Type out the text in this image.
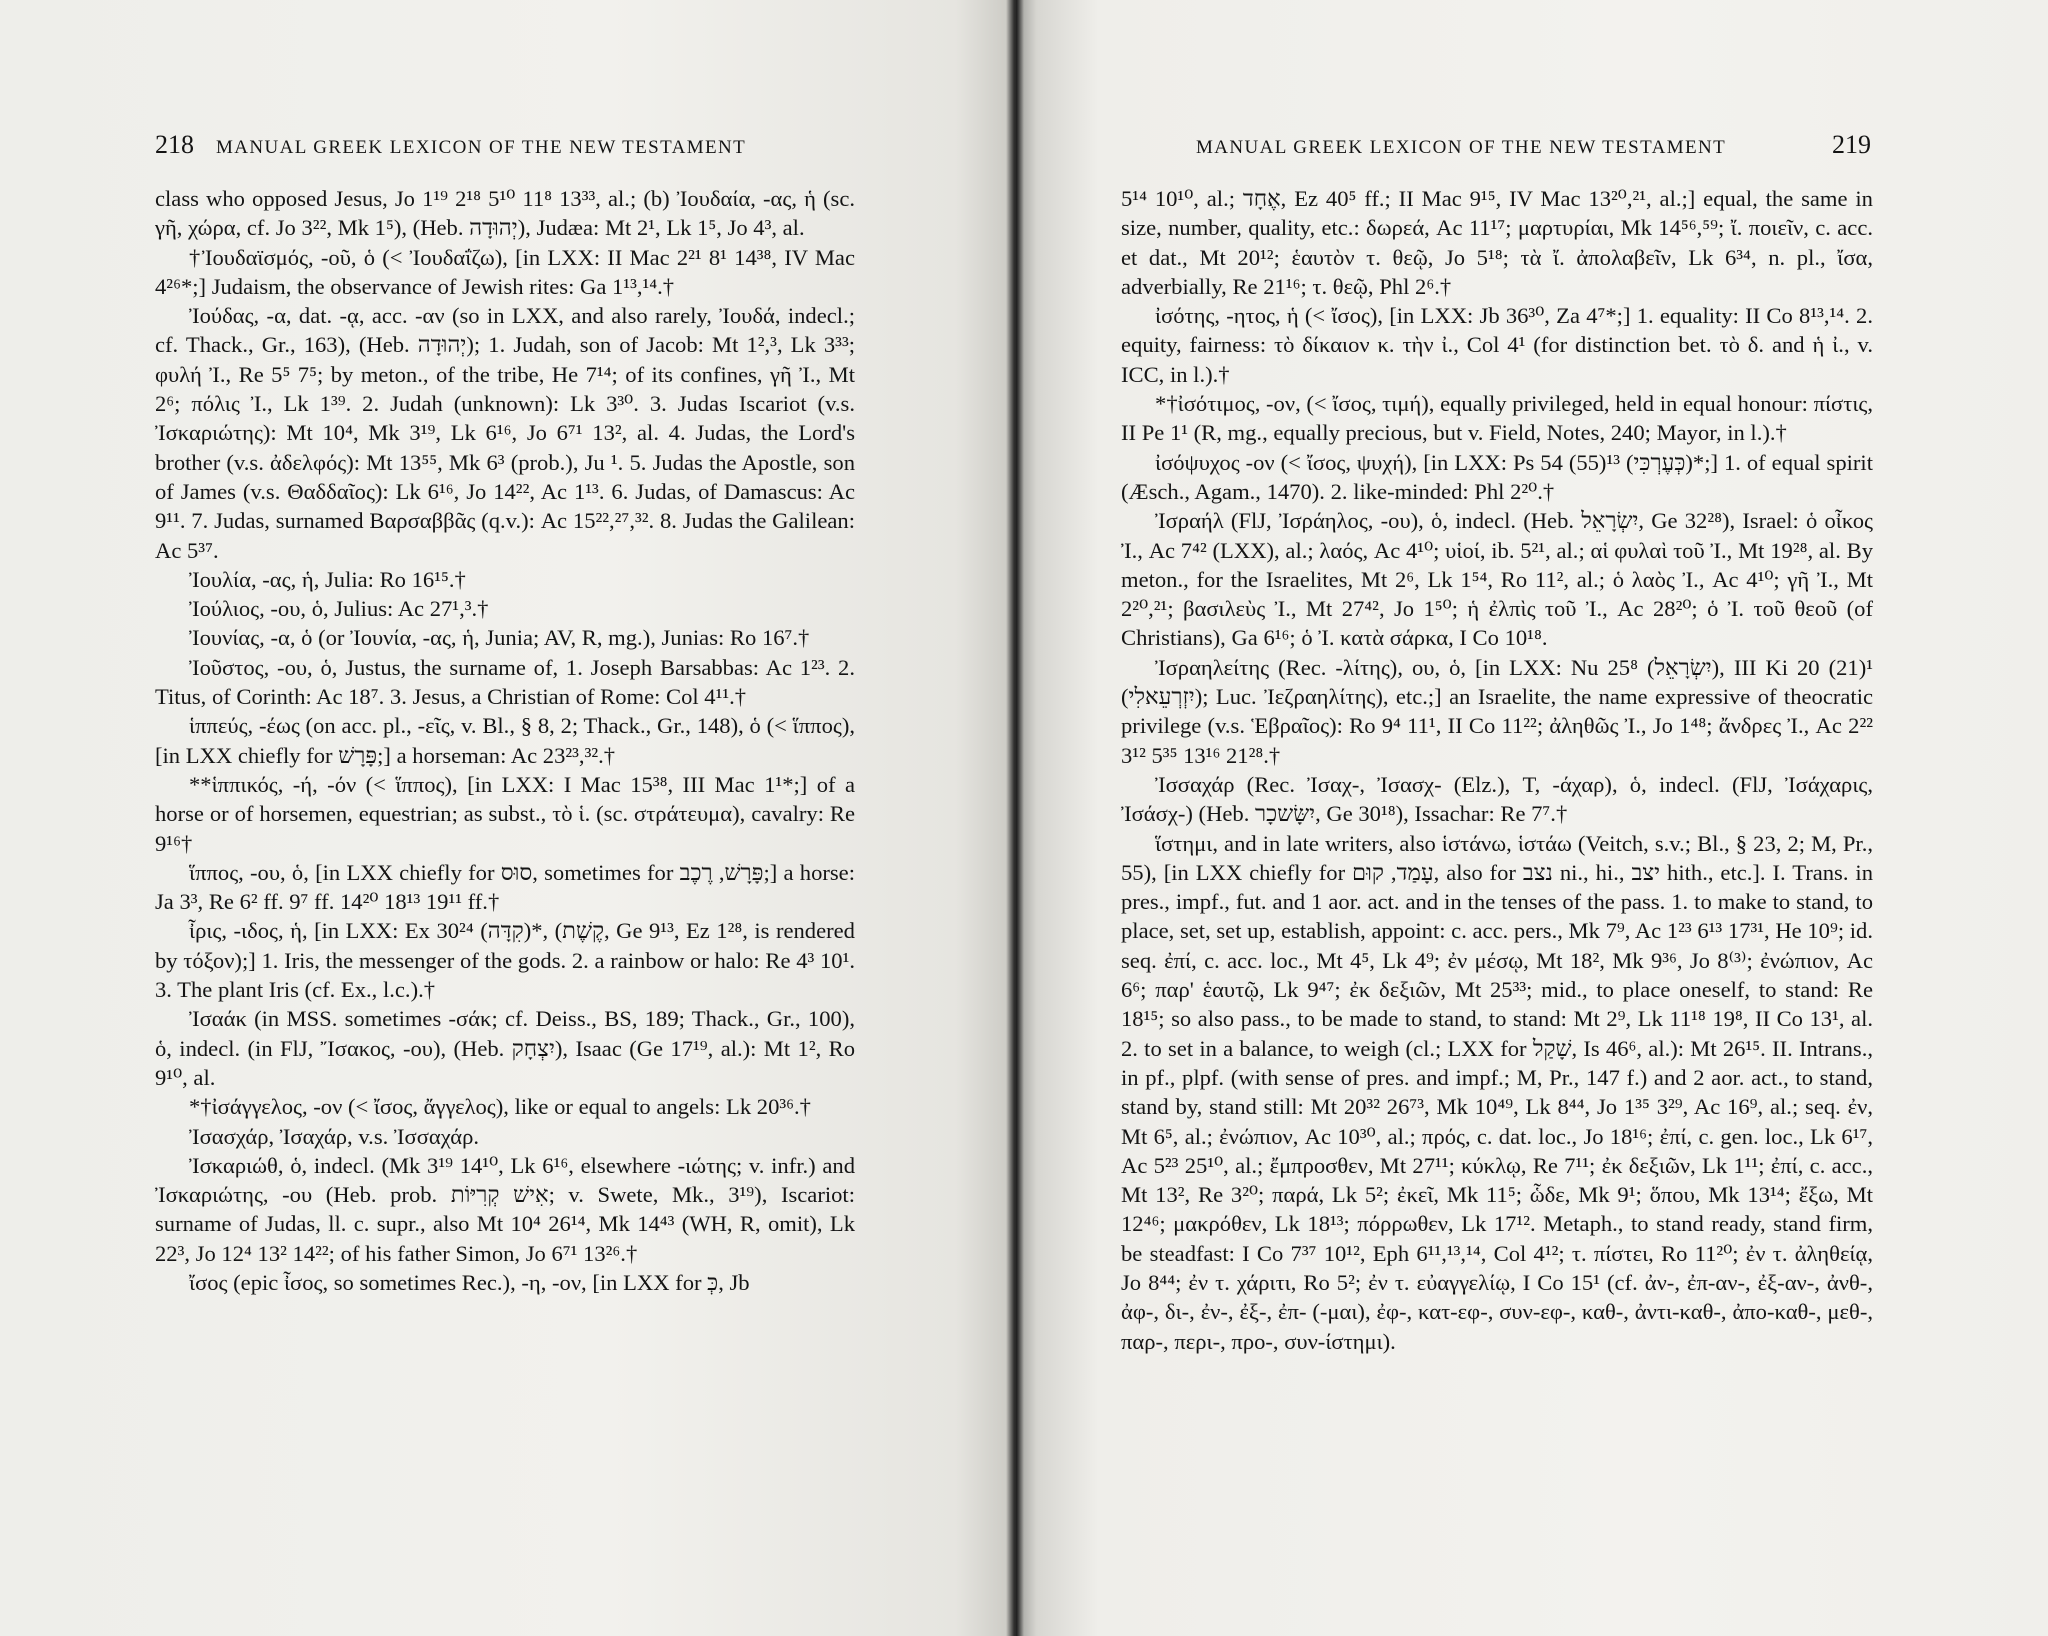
218 MANUAL GREEK LEXICON OF THE NEW TESTAMENT

class who opposed Jesus, Jo 1¹⁹ 2¹⁸ 5¹⁰ 11⁸ 13³³, al.; (b) Ἰουδαία, -ας, ἡ (sc. γῆ, χώρα, cf. Jo 3²², Mk 1⁵), (Heb. יְהוּדָה), Judæa: Mt 2¹, Lk 1⁵, Jo 4³, al.

†Ἰουδαϊσμός, -οῦ, ὁ (< Ἰουδαΐζω), [in LXX: II Mac 2²¹ 8¹ 14³⁸, IV Mac 4²⁶*;] Judaism, the observance of Jewish rites: Ga 1¹³,¹⁴.†

Ἰούδας, -α, dat. -ᾳ, acc. -αν (so in LXX, and also rarely, Ἰουδά, indecl.; cf. Thack., Gr., 163), (Heb. יְהוּדָה); 1. Judah, son of Jacob: Mt 1²,³, Lk 3³³; φυλή Ἰ., Re 5⁵ 7⁵; by meton., of the tribe, He 7¹⁴; of its confines, γῆ Ἰ., Mt 2⁶; πόλις Ἰ., Lk 1³⁹. 2. Judah (unknown): Lk 3³⁰. 3. Judas Iscariot (v.s. Ἰσκαριώτης): Mt 10⁴, Mk 3¹⁹, Lk 6¹⁶, Jo 6⁷¹ 13², al. 4. Judas, the Lord's brother (v.s. ἀδελφός): Mt 13⁵⁵, Mk 6³ (prob.), Ju ¹. 5. Judas the Apostle, son of James (v.s. Θαδδαῖος): Lk 6¹⁶, Jo 14²², Ac 1¹³. 6. Judas, of Damascus: Ac 9¹¹. 7. Judas, surnamed Βαρσαββᾶς (q.v.): Ac 15²²,²⁷,³². 8. Judas the Galilean: Ac 5³⁷.

Ἰουλία, -ας, ἡ, Julia: Ro 16¹⁵.†

Ἰούλιος, -ου, ὁ, Julius: Ac 27¹,³.†

Ἰουνίας, -α, ὁ (or Ἰουνία, -ας, ἡ, Junia; AV, R, mg.), Junias: Ro 16⁷.†

Ἰοῦστος, -ου, ὁ, Justus, the surname of, 1. Joseph Barsabbas: Ac 1²³. 2. Titus, of Corinth: Ac 18⁷. 3. Jesus, a Christian of Rome: Col 4¹¹.†

ἱππεύς, -έως (on acc. pl., -εῖς, v. Bl., § 8, 2; Thack., Gr., 148), ὁ (< ἵππος), [in LXX chiefly for פָּרָשׁ;] a horseman: Ac 23²³,³².†

**ἱππικός, -ή, -όν (< ἵππος), [in LXX: I Mac 15³⁸, III Mac 1¹*;] of a horse or of horsemen, equestrian; as subst., τὸ ἱ. (sc. στράτευμα), cavalry: Re 9¹⁶†

ἵππος, -ου, ὁ, [in LXX chiefly for סוּס, sometimes for פָּרָשׁ, רֶכֶב;] a horse: Ja 3³, Re 6² ff. 9⁷ ff. 14²⁰ 18¹³ 19¹¹ ff.†

ἶρις, -ιδος, ἡ, [in LXX: Ex 30²⁴ (קִדָּה)*, (קֶשֶׁת, Ge 9¹³, Ez 1²⁸, is rendered by τόξον);] 1. Iris, the messenger of the gods. 2. a rainbow or halo: Re 4³ 10¹. 3. The plant Iris (cf. Ex., l.c.).†

Ἰσαάκ (in MSS. sometimes -σάκ; cf. Deiss., BS, 189; Thack., Gr., 100), ὁ, indecl. (in FlJ, Ἴσακος, -ου), (Heb. יִצְחָק), Isaac (Ge 17¹⁹, al.): Mt 1², Ro 9¹⁰, al.

*†ἰσάγγελος, -ον (< ἴσος, ἄγγελος), like or equal to angels: Lk 20³⁶.†

Ἰσασχάρ, Ἰσαχάρ, v.s. Ἰσσαχάρ.

Ἰσκαριώθ, ὁ, indecl. (Mk 3¹⁹ 14¹⁰, Lk 6¹⁶, elsewhere -ιώτης; v. infr.) and Ἰσκαριώτης, -ου (Heb. prob. אִישׁ קְרִיּוֹת; v. Swete, Mk., 3¹⁹), Iscariot: surname of Judas, ll. c. supr., also Mt 10⁴ 26¹⁴, Mk 14⁴³ (WH, R, omit), Lk 22³, Jo 12⁴ 13² 14²²; of his father Simon, Jo 6⁷¹ 13²⁶.†

ἴσος (epic ἶσος, so sometimes Rec.), -η, -ον, [in LXX for כְּ, Jb

MANUAL GREEK LEXICON OF THE NEW TESTAMENT	219

5¹⁴ 10¹⁰, al.; אֶחָד, Ez 40⁵ ff.; II Mac 9¹⁵, IV Mac 13²⁰,²¹, al.;] equal, the same in size, number, quality, etc.: δωρεά, Ac 11¹⁷; μαρτυρίαι, Mk 14⁵⁶,⁵⁹; ἴ. ποιεῖν, c. acc. et dat., Mt 20¹²; ἑαυτὸν τ. θεῷ, Jo 5¹⁸; τὰ ἴ. ἀπολαβεῖν, Lk 6³⁴, n. pl., ἴσα, adverbially, Re 21¹⁶; τ. θεῷ, Phl 2⁶.†

ἰσότης, -ητος, ἡ (< ἴσος), [in LXX: Jb 36³⁰, Za 4⁷*;] 1. equality: II Co 8¹³,¹⁴. 2. equity, fairness: τὸ δίκαιον κ. τὴν ἰ., Col 4¹ (for distinction bet. τὸ δ. and ἡ ἰ., v. ICC, in l.).†

*†ἰσότιμος, -ον, (< ἴσος, τιμή), equally privileged, held in equal honour: πίστις, II Pe 1¹ (R, mg., equally precious, but v. Field, Notes, 240; Mayor, in l.).†

ἰσόψυχος -ον (< ἴσος, ψυχή), [in LXX: Ps 54 (55)¹³ (כְּעֶרְכִּי)*;] 1. of equal spirit (Æsch., Agam., 1470). 2. like-minded: Phl 2²⁰.†

Ἰσραήλ (FlJ, Ἰσράηλος, -ου), ὁ, indecl. (Heb. יִשְׂרָאֵל, Ge 32²⁸), Israel: ὁ οἶκος Ἰ., Ac 7⁴² (LXX), al.; λαός, Ac 4¹⁰; υἱοί, ib. 5²¹, al.; αἱ φυλαὶ τοῦ Ἰ., Mt 19²⁸, al. By meton., for the Israelites, Mt 2⁶, Lk 1⁵⁴, Ro 11², al.; ὁ λαὸς Ἰ., Ac 4¹⁰; γῆ Ἰ., Mt 2²⁰,²¹; βασιλεὺς Ἰ., Mt 27⁴², Jo 1⁵⁰; ἡ ἐλπὶς τοῦ Ἰ., Ac 28²⁰; ὁ Ἰ. τοῦ θεοῦ (of Christians), Ga 6¹⁶; ὁ Ἰ. κατὰ σάρκα, I Co 10¹⁸.

Ἰσραηλείτης (Rec. -λίτης), ου, ὁ, [in LXX: Nu 25⁸ (יִשְׂרָאֵל), III Ki 20 (21)¹ (יִזְרְעֵאלִי); Luc. Ἰεζραηλίτης), etc.;] an Israelite, the name expressive of theocratic privilege (v.s. Ἑβραῖος): Ro 9⁴ 11¹, II Co 11²²; ἀληθῶς Ἰ., Jo 1⁴⁸; ἄνδρες Ἰ., Ac 2²² 3¹² 5³⁵ 13¹⁶ 21²⁸.†

Ἰσσαχάρ (Rec. Ἰσαχ-, Ἰσασχ- (Elz.), T, -άχαρ), ὁ, indecl. (FlJ, Ἰσάχαρις, Ἰσάσχ-) (Heb. יִשָּׂשכָר, Ge 30¹⁸), Issachar: Re 7⁷.†

ἵστημι, and in late writers, also ἱστάνω, ἱστάω (Veitch, s.v.; Bl., § 23, 2; M, Pr., 55), [in LXX chiefly for עָמַד, קוּם, also for נצב ni., hi., יצב hith., etc.]. I. Trans. in pres., impf., fut. and 1 aor. act. and in the tenses of the pass. 1. to make to stand, to place, set, set up, establish, appoint: c. acc. pers., Mk 7⁹, Ac 1²³ 6¹³ 17³¹, He 10⁹; id. seq. ἐπί, c. acc. loc., Mt 4⁵, Lk 4⁹; ἐν μέσῳ, Mt 18², Mk 9³⁶, Jo 8⁽³⁾; ἐνώπιον, Ac 6⁶; παρ' ἑαυτῷ, Lk 9⁴⁷; ἐκ δεξιῶν, Mt 25³³; mid., to place oneself, to stand: Re 18¹⁵; so also pass., to be made to stand, to stand: Mt 2⁹, Lk 11¹⁸ 19⁸, II Co 13¹, al. 2. to set in a balance, to weigh (cl.; LXX for שָׁקַל, Is 46⁶, al.): Mt 26¹⁵. II. Intrans., in pf., plpf. (with sense of pres. and impf.; M, Pr., 147 f.) and 2 aor. act., to stand, stand by, stand still: Mt 20³² 26⁷³, Mk 10⁴⁹, Lk 8⁴⁴, Jo 1³⁵ 3²⁹, Ac 16⁹, al.; seq. ἐν, Mt 6⁵, al.; ἐνώπιον, Ac 10³⁰, al.; πρός, c. dat. loc., Jo 18¹⁶; ἐπί, c. gen. loc., Lk 6¹⁷, Ac 5²³ 25¹⁰, al.; ἔμπροσθεν, Mt 27¹¹; κύκλῳ, Re 7¹¹; ἐκ δεξιῶν, Lk 1¹¹; ἐπί, c. acc., Mt 13², Re 3²⁰; παρά, Lk 5²; ἐκεῖ, Mk 11⁵; ὧδε, Mk 9¹; ὅπου, Mk 13¹⁴; ἔξω, Mt 12⁴⁶; μακρόθεν, Lk 18¹³; πόρρωθεν, Lk 17¹². Metaph., to stand ready, stand firm, be steadfast: I Co 7³⁷ 10¹², Eph 6¹¹,¹³,¹⁴, Col 4¹²; τ. πίστει, Ro 11²⁰; ἐν τ. ἀληθείᾳ, Jo 8⁴⁴; ἐν τ. χάριτι, Ro 5²; ἐν τ. εὐαγγελίῳ, I Co 15¹ (cf. ἀν-, ἐπ-αν-, ἐξ-αν-, ἀνθ-, ἀφ-, δι-, ἐν-, ἐξ-, ἐπ- (-μαι), ἐφ-, κατ-εφ-, συν-εφ-, καθ-, ἀντι-καθ-, ἀπο-καθ-, μεθ-, παρ-, περι-, προ-, συν-ίστημι).
